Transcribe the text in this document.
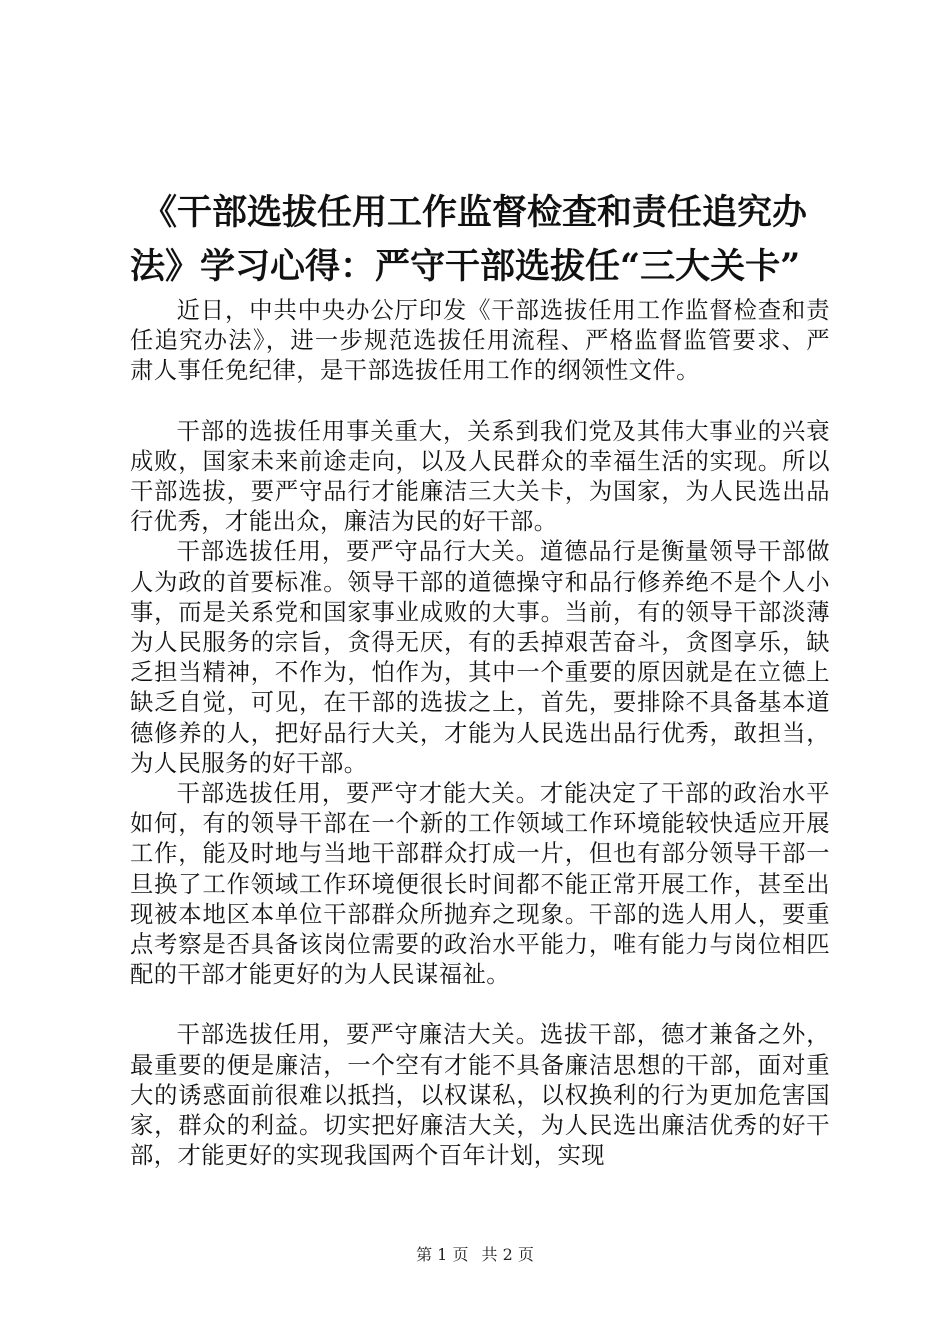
《干部选拔任用工作监督检查和责任追究办
法》学习心得：严守干部选拔任“三大关卡”

近日，中共中央办公厅印发《干部选拔任用工作监督检查和责任追究办法》，进一步规范选拔任用流程、严格监督监管要求、严肃人事任免纪律，是干部选拔任用工作的纲领性文件。

干部的选拔任用事关重大，关系到我们党及其伟大事业的兴衰成败，国家未来前途走向，以及人民群众的幸福生活的实现。所以干部选拔，要严守品行才能廉洁三大关卡，为国家，为人民选出品行优秀，才能出众，廉洁为民的好干部。

干部选拔任用，要严守品行大关。道德品行是衡量领导干部做人为政的首要标准。领导干部的道德操守和品行修养绝不是个人小事，而是关系党和国家事业成败的大事。当前，有的领导干部淡薄为人民服务的宗旨，贪得无厌，有的丢掉艰苦奋斗，贪图享乐，缺乏担当精神，不作为，怕作为，其中一个重要的原因就是在立德上缺乏自觉，可见，在干部的选拔之上，首先，要排除不具备基本道德修养的人，把好品行大关，才能为人民选出品行优秀，敢担当，为人民服务的好干部。

干部选拔任用，要严守才能大关。才能决定了干部的政治水平如何，有的领导干部在一个新的工作领域工作环境能较快适应开展工作，能及时地与当地干部群众打成一片，但也有部分领导干部一旦换了工作领域工作环境便很长时间都不能正常开展工作，甚至出现被本地区本单位干部群众所抛弃之现象。干部的选人用人，要重点考察是否具备该岗位需要的政治水平能力，唯有能力与岗位相匹配的干部才能更好的为人民谋福祉。

干部选拔任用，要严守廉洁大关。选拔干部，德才兼备之外，最重要的便是廉洁，一个空有才能不具备廉洁思想的干部，面对重大的诱惑面前很难以抵挡，以权谋私，以权换利的行为更加危害国家，群众的利益。切实把好廉洁大关，为人民选出廉洁优秀的好干部，才能更好的实现我国两个百年计划，实现

第 1 页 共 2 页
